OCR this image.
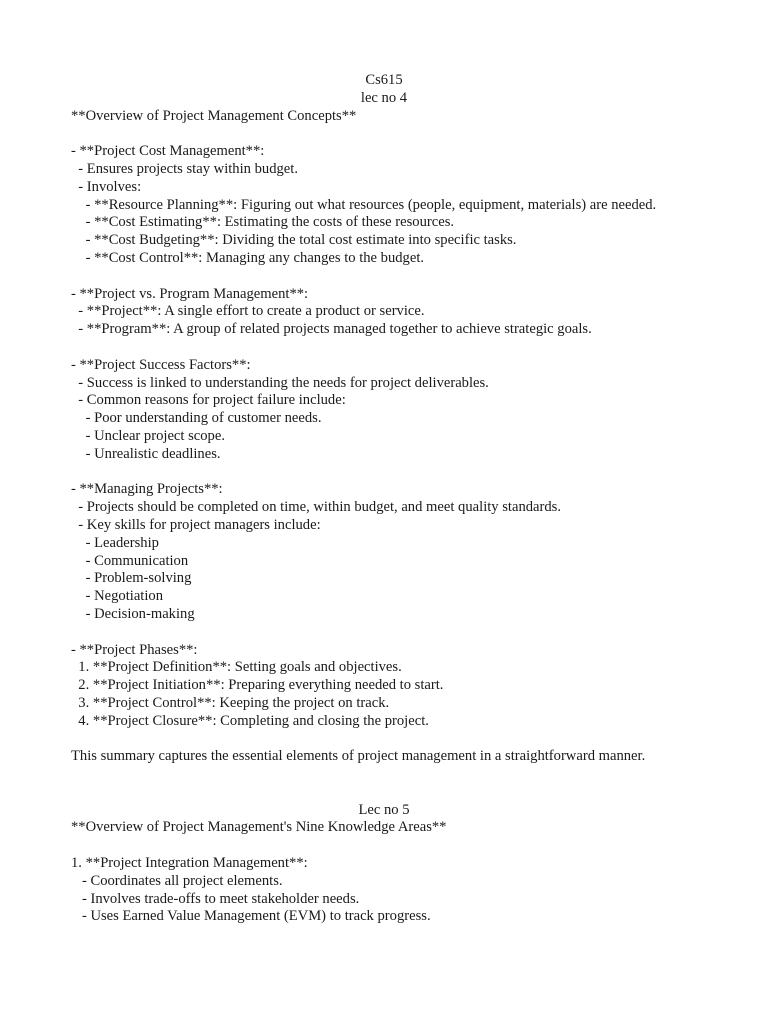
Cs615
lec no 4
**Overview of Project Management Concepts**
- **Project Cost Management**:
- Ensures projects stay within budget.
- Involves:
- **Resource Planning**: Figuring out what resources (people, equipment, materials) are needed.
- **Cost Estimating**: Estimating the costs of these resources.
- **Cost Budgeting**: Dividing the total cost estimate into specific tasks.
- **Cost Control**: Managing any changes to the budget.
- **Project vs. Program Management**:
- **Project**: A single effort to create a product or service.
- **Program**: A group of related projects managed together to achieve strategic goals.
- **Project Success Factors**:
- Success is linked to understanding the needs for project deliverables.
- Common reasons for project failure include:
- Poor understanding of customer needs.
- Unclear project scope.
- Unrealistic deadlines.
- **Managing Projects**:
- Projects should be completed on time, within budget, and meet quality standards.
- Key skills for project managers include:
- Leadership
- Communication
- Problem-solving
- Negotiation
- Decision-making
- **Project Phases**:
1. **Project Definition**: Setting goals and objectives.
2. **Project Initiation**: Preparing everything needed to start.
3. **Project Control**: Keeping the project on track.
4. **Project Closure**: Completing and closing the project.
This summary captures the essential elements of project management in a straightforward manner.
Lec no 5
**Overview of Project Management's Nine Knowledge Areas**
1. **Project Integration Management**:
- Coordinates all project elements.
- Involves trade-offs to meet stakeholder needs.
- Uses Earned Value Management (EVM) to track progress.
